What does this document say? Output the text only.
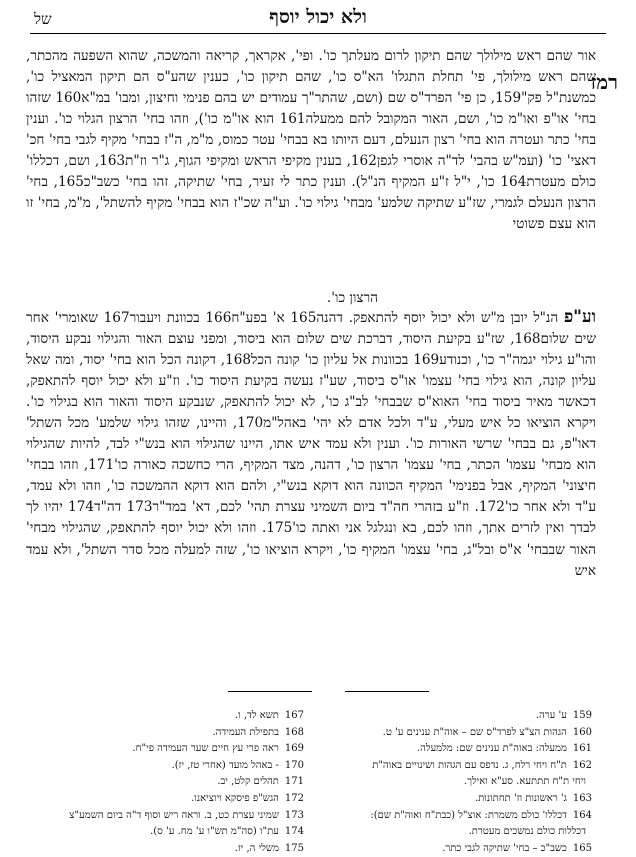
של	ולא יכול יוסף
רמז

אור שהם ראש מילולך שהם תיקון לרום מעלתך כו'. ופי', אקראך, קריאה והמשכה, שהוא השפעה מהכתר, שהם ראש מילולך, פי' תחלת התגלו' הא"ס כו', שהם תיקון כו', כענין שהע"ס הם תיקון המאציל כו', כמשנת"ל פק"159, כן פי' הפרד"ס שם (ושם, שהתר"ך עמודים יש בהם פנימי וחיצון, ומבו' במ"א160 שזהו בחי' או"פ ואו"מ כו', ושם, האור המקובל להם ממעלה161 הוא או"מ כו'), וזהו בחי' הרצון הגלוי כו'. וענין בחי' כתר ועטרה הוא בחי' רצון הנעלם, דעם היותו בא בבחי' עטר כמוס, מ"מ, ה"ז בבחי' מקיף לגבי בחי' חכ' דאצי' כו' (ועמ"ש בהבי' לד"ה אוסרי לגפן162, בענין מקיפי הראש ומקיפי הגוף, ג"ר וז"ת163, ושם, דכללו' כולם מעטרת164 כו', י"ל ז"ע המקיף הנ"ל). וענין כתר לי זעיר, בחי' שתיקה, זהו בחי' כשב"כ165, בחי' הרצון הנעלם לגמרי, שז"ע שתיקה שלמע' מבחי' גילוי כו'. וע"ה שכ"ז הוא בבחי' מקיף להשתל', מ"מ, בחי' זו הוא עצם פשוטי

הרצון כו'.

וע"פ הנ"ל יובן מ"ש ולא יכול יוסף להתאפק. דהנה165 א' בפע"ח166 בכוונת ויעבור167 שאומרי' אחר שים שלום168, שז"ע בקיעת היסוד, דברכת שים שלום הוא ביסוד, ומפני עוצם האור והגילוי נבקע היסוד, והו"ע גילוי יגמה"ר כו', וכנודע169 בכוונות אל עליון כו' קונה הכל168, דקונה הכל הוא בחי' יסוד, ומה שאל עליון קונה, הוא גילוי בחי' עצמו' או"ס ביסוד, שע"ז נעשה בקיעת היסוד כו'. וז"ע ולא יכול יוסף להתאפק, דכאשר מאיר ביסוד בחי' האוא"ס שבבחי' לב"ג כו', לא יכול להתאפק, שנבקע היסוד והאור הוא בגילוי כו'. ויקרא הוציאו כל איש מעלי, ע"ד ולכל אדם לא יהי' באהל"מ170, והיינו, שזהו גילוי שלמע' מכל השתל' דאו"פ, גם בבחי' שרשי האורות כו'. וענין ולא עמד איש אתו, היינו שהגילוי הוא בנש"י לבד, להיות שהגילוי הוא מבחי' עצמו' הכתר, בחי' עצמו' הרצון כו', דהנה, מצד המקיף, הרי כחשכה כאורה כו'171, וזהו בבחי' חיצוני' המקיף, אבל בפנימי' המקיף הכוונה הוא דוקא בנש"י, ולהם הוא דוקא ההמשכה כו', וזהו ולא עמד, ע"ד ולא אחר כו'172. וז"ע בזהרי חה"ד ביום השמיני עצרת תהי' לכם, דא' במד"ר173 דה"ד174 יהיו לך לבדך ואין לזרים אתך, וזהו לכם, בא ונגלגל אני ואתה כו'175. וזהו ולא יכול יוסף להתאפק, שהגילוי מבחי' האור שבבחי' א"ס ובל"ג, בחי' עצמו' המקיף כו', ויקרא הוציאו כו', שזה למעלה מכל סדר השתל', ולא עמד איש

167תשא לד, ו.
168בתפילת העמידה.
169ראה פרי עץ חיים שער העמידה פי"ח.
170- באהל מועד (אחרי טז, יז).
171תהלים קלט, יב.
172הגש"פ פיסקא ויוציאנו.
173שמיני עצרת כט, ב. וראה ריש וסוף ד"ה ביום השמע"צ
174עת"ו (סה"מ תש"ו ע' מח. ע' ס).
175משלי ה, יז.
159ע' ערה.
160הגהות הצ"צ לפרד"ס שם – אוה"ת ענינים ע' ט.
161ממעלה: באוה"ת ענינים שם: מלמעלה.
162ת"ח ויחי רלח, ג. נדפס עם הגהות ושינויים באוה"ת
ויחי ת"ח תתתעא. סע"א ואילך.
163ג' ראשונות וז' תחתונות.
164דכללו' כולם משמרת: אוצ"ל (כבת"ח ואוה"ת שם):
דכללות כולם נמשכים מעטרת.
165כשב"כ – בחי' שתיקה לגבי כתר.
